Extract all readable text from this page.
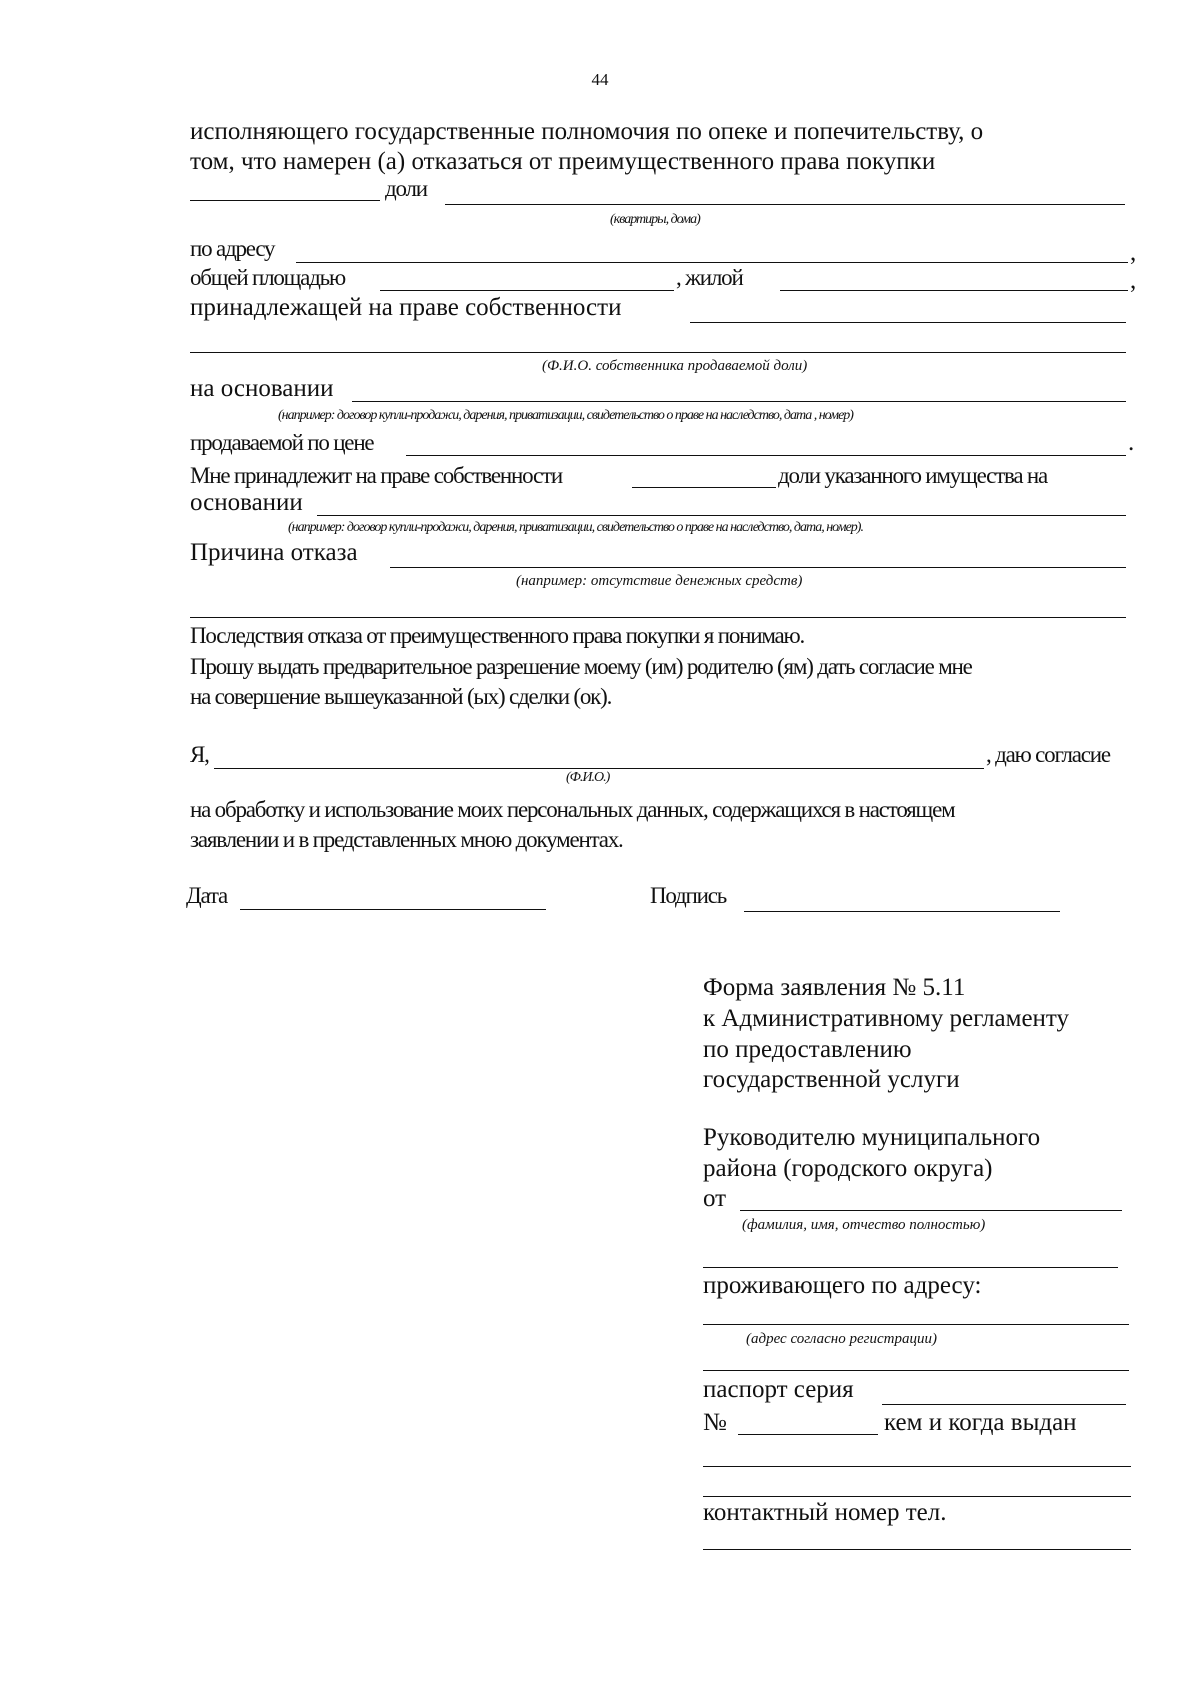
44
исполняющего государственные полномочия по опеке и попечительству, о
том, что намерен (а) отказаться от преимущественного права покупки
доли
(квартиры, дома)
по адресу	,
общей площадью	, жилой	,
принадлежащей на праве собственности
(Ф.И.О. собственника продаваемой доли)
на основании
(например: договор купли-продажи, дарения, приватизации, свидетельство о праве на наследство, дата , номер)
продаваемой по цене	.
Мне принадлежит на праве собственности	доли указанного имущества на
основании
(например: договор купли-продажи, дарения, приватизации, свидетельство о праве на наследство, дата, номер).
Причина отказа
(например: отсутствие денежных средств)
Последствия отказа от преимущественного права покупки я понимаю.
Прошу выдать предварительное разрешение моему (им) родителю (ям) дать согласие мне
на совершение вышеуказанной (ых) сделки (ок).
Я,	, даю согласие
(Ф.И.О.)
на обработку и использование моих персональных данных, содержащихся в настоящем
заявлении и в представленных мною документах.
Дата	Подпись
Форма заявления № 5.11
к Административному регламенту
по предоставлению
государственной услуги
Руководителю муниципального
района (городского округа)
от
(фамилия, имя, отчество полностью)
проживающего по адресу:
(адрес согласно регистрации)
паспорт серия
№	кем и когда выдан
контактный номер тел.
